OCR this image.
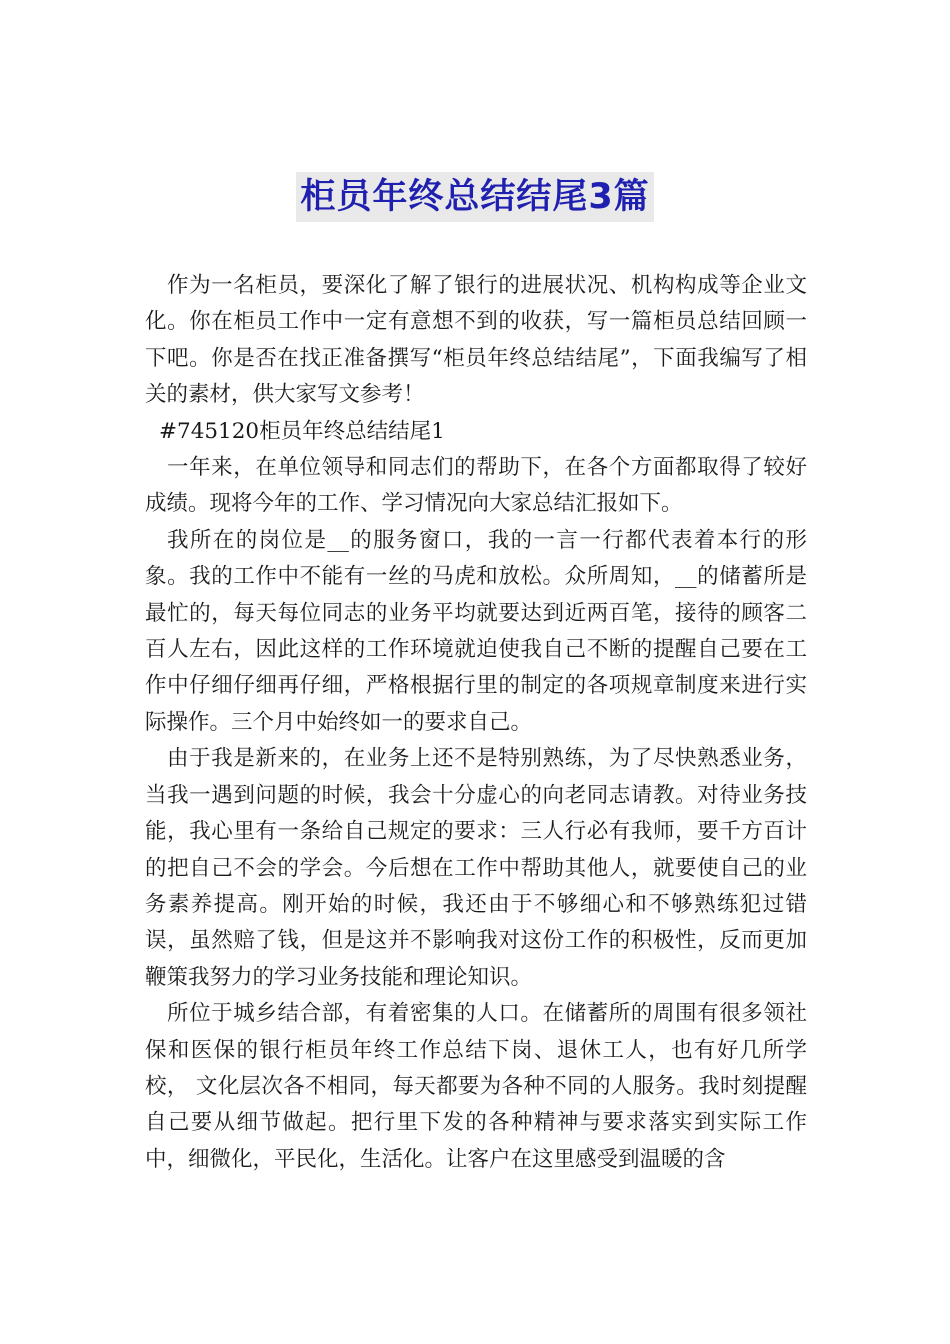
柜员年终总结结尾3篇

作为一名柜员，要深化了解了银行的进展状况、机构构成等企业文化。你在柜员工作中一定有意想不到的收获，写一篇柜员总结回顾一下吧。你是否在找正准备撰写“柜员年终总结结尾”，下面我编写了相关的素材，供大家写文参考！

#745120柜员年终总结结尾1

一年来，在单位领导和同志们的帮助下，在各个方面都取得了较好成绩。现将今年的工作、学习情况向大家总结汇报如下。

我所在的岗位是__的服务窗口，我的一言一行都代表着本行的形象。我的工作中不能有一丝的马虎和放松。众所周知，__的储蓄所是最忙的，每天每位同志的业务平均就要达到近两百笔，接待的顾客二百人左右，因此这样的工作环境就迫使我自己不断的提醒自己要在工作中仔细仔细再仔细，严格根据行里的制定的各项规章制度来进行实际操作。三个月中始终如一的要求自己。

由于我是新来的，在业务上还不是特别熟练，为了尽快熟悉业务，当我一遇到问题的时候，我会十分虚心的向老同志请教。对待业务技能，我心里有一条给自己规定的要求：三人行必有我师，要千方百计的把自己不会的学会。今后想在工作中帮助其他人，就要使自己的业务素养提高。刚开始的时候，我还由于不够细心和不够熟练犯过错误，虽然赔了钱，但是这并不影响我对这份工作的积极性，反而更加鞭策我努力的学习业务技能和理论知识。

所位于城乡结合部，有着密集的人口。在储蓄所的周围有很多领社保和医保的银行柜员年终工作总结下岗、退休工人，也有好几所学校， 文化层次各不相同，每天都要为各种不同的人服务。我时刻提醒自己要从细节做起。把行里下发的各种精神与要求落实到实际工作中，细微化，平民化，生活化。让客户在这里感受到温暖的含
